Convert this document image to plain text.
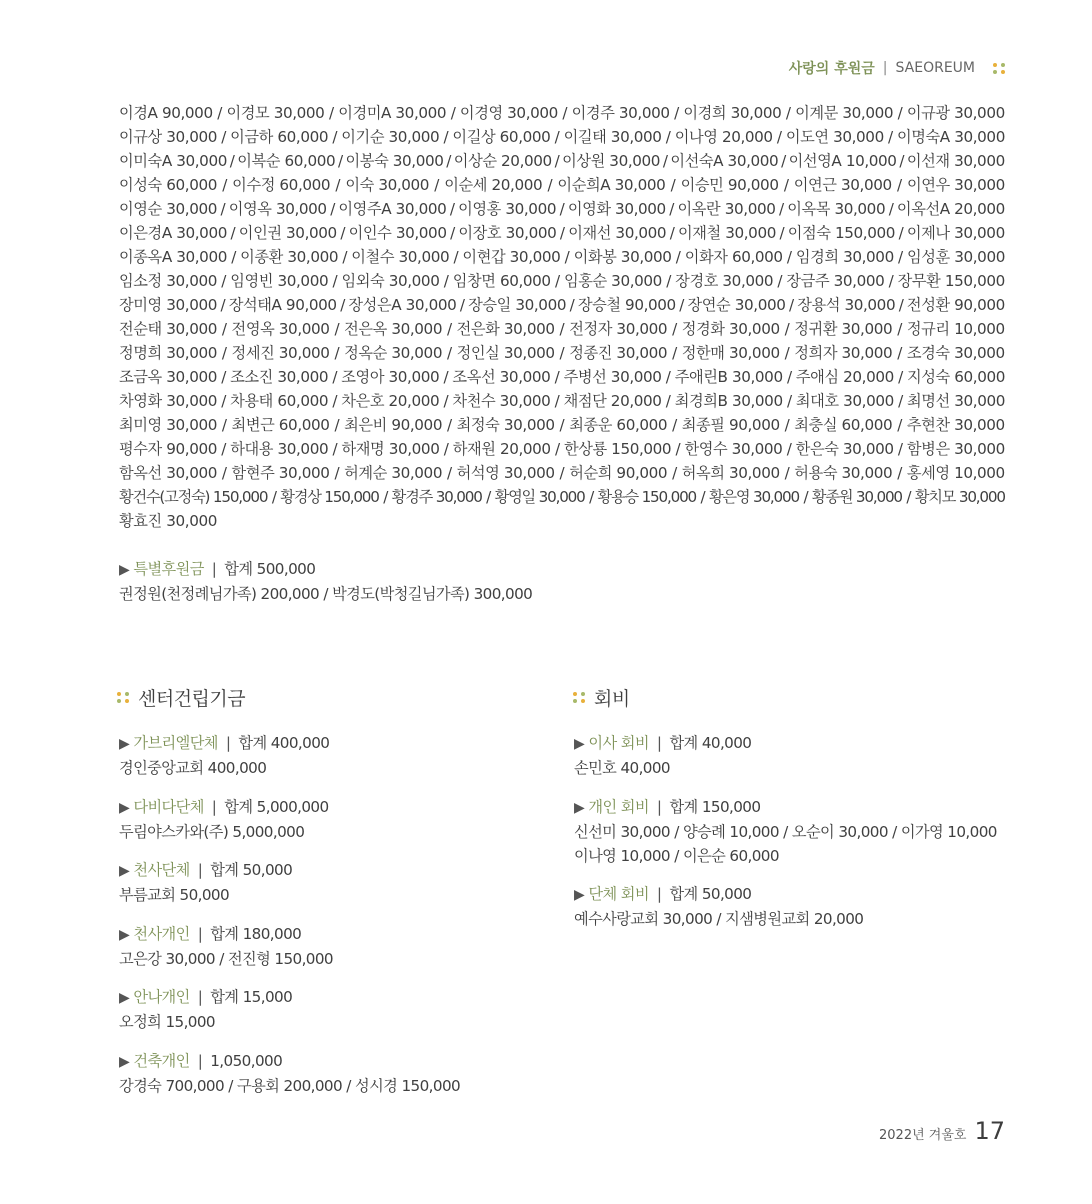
사랑의 후원금 | SAEOREUM
이경A 90,000 / 이경모 30,000 / 이경미A 30,000 / 이경영 30,000 / 이경주 30,000 / 이경희 30,000 / 이계문 30,000 / 이규광 30,000
이규상 30,000 / 이금하 60,000 / 이기순 30,000 / 이길상 60,000 / 이길태 30,000 / 이나영 20,000 / 이도연 30,000 / 이명숙A 30,000
이미숙A 30,000 / 이복순 60,000 / 이봉숙 30,000 / 이상순 20,000 / 이상원 30,000 / 이선숙A 30,000 / 이선영A 10,000 / 이선재 30,000
이성숙 60,000 / 이수정 60,000 / 이숙 30,000 / 이순세 20,000 / 이순희A 30,000 / 이승민 90,000 / 이연근 30,000 / 이연우 30,000
이영순 30,000 / 이영옥 30,000 / 이영주A 30,000 / 이영홍 30,000 / 이영화 30,000 / 이옥란 30,000 / 이옥목 30,000 / 이옥선A 20,000
이은경A 30,000 / 이인권 30,000 / 이인수 30,000 / 이장호 30,000 / 이재선 30,000 / 이재철 30,000 / 이점숙 150,000 / 이제나 30,000
이종옥A 30,000 / 이종환 30,000 / 이철수 30,000 / 이현갑 30,000 / 이화봉 30,000 / 이화자 60,000 / 임경희 30,000 / 임성훈 30,000
임소정 30,000 / 임영빈 30,000 / 임외숙 30,000 / 임창면 60,000 / 임홍순 30,000 / 장경호 30,000 / 장금주 30,000 / 장무환 150,000
장미영 30,000 / 장석태A 90,000 / 장성은A 30,000 / 장승일 30,000 / 장승철 90,000 / 장연순 30,000 / 장용석 30,000 / 전성환 90,000
전순태 30,000 / 전영옥 30,000 / 전은옥 30,000 / 전은화 30,000 / 전정자 30,000 / 정경화 30,000 / 정귀환 30,000 / 정규리 10,000
정명희 30,000 / 정세진 30,000 / 정옥순 30,000 / 정인실 30,000 / 정종진 30,000 / 정한매 30,000 / 정희자 30,000 / 조경숙 30,000
조금옥 30,000 / 조소진 30,000 / 조영아 30,000 / 조옥선 30,000 / 주병선 30,000 / 주애린B 30,000 / 주애심 20,000 / 지성숙 60,000
차영화 30,000 / 차용태 60,000 / 차은호 20,000 / 차천수 30,000 / 채점단 20,000 / 최경희B 30,000 / 최대호 30,000 / 최명선 30,000
최미영 30,000 / 최변근 60,000 / 최은비 90,000 / 최정숙 30,000 / 최종운 60,000 / 최종필 90,000 / 최충실 60,000 / 추현찬 30,000
평수자 90,000 / 하대용 30,000 / 하재명 30,000 / 하재원 20,000 / 한상룡 150,000 / 한영수 30,000 / 한은숙 30,000 / 함병은 30,000
함옥선 30,000 / 함현주 30,000 / 허계순 30,000 / 허석영 30,000 / 허순희 90,000 / 허옥희 30,000 / 허용숙 30,000 / 홍세영 10,000
황건수(고정숙) 150,000 / 황경상 150,000 / 황경주 30,000 / 황영일 30,000 / 황용승 150,000 / 황은영 30,000 / 황종원 30,000 / 황치모 30,000
황효진 30,000
▶ 특별후원금 | 합계 500,000
권정원(천정례님가족) 200,000 / 박경도(박청길님가족) 300,000
센터건립기금
▶ 가브리엘단체 | 합계 400,000
경인중앙교회 400,000
▶ 다비다단체 | 합계 5,000,000
두림야스카와(주) 5,000,000
▶ 천사단체 | 합계 50,000
부름교회 50,000
▶ 천사개인 | 합계 180,000
고은강 30,000 / 전진형 150,000
▶ 안나개인 | 합계 15,000
오정희 15,000
▶ 건축개인 | 1,050,000
강경숙 700,000 / 구용회 200,000 / 성시경 150,000
회비
▶ 이사 회비 | 합계 40,000
손민호 40,000
▶ 개인 회비 | 합계 150,000
신선미 30,000 / 양승례 10,000 / 오순이 30,000 / 이가영 10,000
이나영 10,000 / 이은순 60,000
▶ 단체 회비 | 합계 50,000
예수사랑교회 30,000 / 지샘병원교회 20,000
2022년 겨울호 17
